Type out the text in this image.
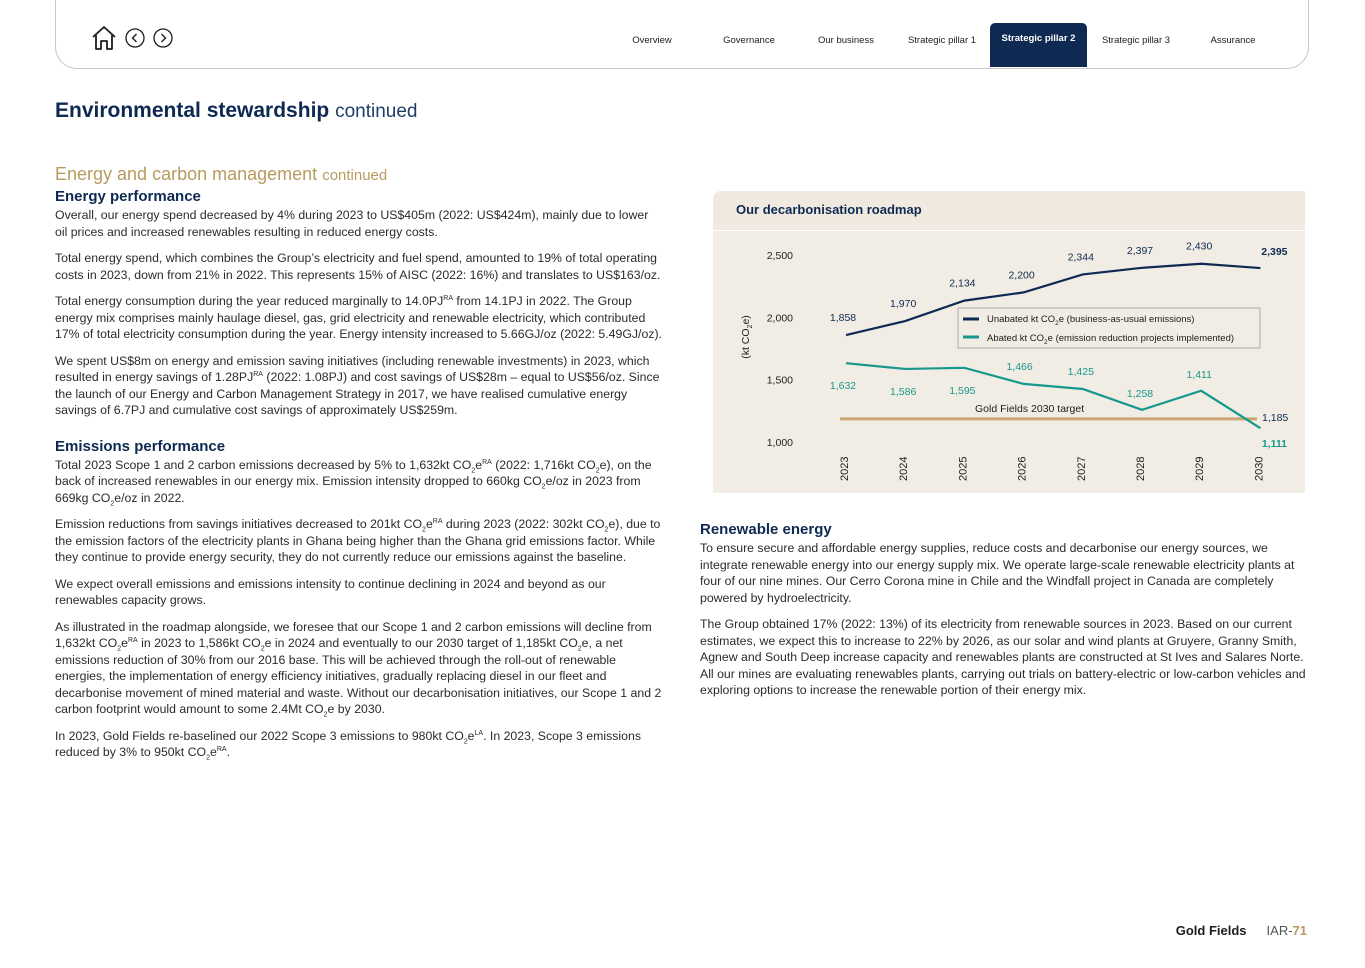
Overview	Governance	Our business	Strategic pillar 1	Strategic pillar 2	Strategic pillar 3	Assurance
Environmental stewardship continued
Energy and carbon management continued
Energy performance

Overall, our energy spend decreased by 4% during 2023 to US$405m (2022: US$424m), mainly due to lower oil prices and increased renewables resulting in reduced energy costs.

Total energy spend, which combines the Group’s electricity and fuel spend, amounted to 19% of total operating costs in 2023, down from 21% in 2022. This represents 15% of AISC (2022: 16%) and translates to US$163/oz.

Total energy consumption during the year reduced marginally to $14.0PJ^{RA}$ from 14.1PJ in 2022. The Group energy mix comprises mainly haulage diesel, gas, grid electricity and renewable electricity, which contributed 17% of total electricity consumption during the year. Energy intensity increased to 5.66GJ/oz (2022: 5.49GJ/oz).

We spent US$8m on energy and emission saving initiatives (including renewable investments) in 2023, which resulted in energy savings of $1.28PJ^{RA}$ (2022: 1.08PJ) and cost savings of US$28m – equal to US$56/oz. Since the launch of our Energy and Carbon Management Strategy in 2017, we have realised cumulative energy savings of 6.7PJ and cumulative cost savings of approximately US$259m.

Emissions performance

Total 2023 Scope 1 and 2 carbon emissions decreased by 5% to 1,632kt $CO_2e^{RA}$ (2022: 1,716kt $CO_2e$), on the back of increased renewables in our energy mix. Emission intensity dropped to 660kg $CO_2e/oz$ in 2023 from 669kg $CO_2e/oz$ in 2022.

Emission reductions from savings initiatives decreased to 201kt $CO_2e^{RA}$ during 2023 (2022: 302kt $CO_2e$), due to the emission factors of the electricity plants in Ghana being higher than the Ghana grid emissions factor. While they continue to provide energy security, they do not currently reduce our emissions against the baseline.

We expect overall emissions and emissions intensity to continue declining in 2024 and beyond as our renewables capacity grows.

As illustrated in the roadmap alongside, we foresee that our Scope 1 and 2 carbon emissions will decline from 1,632kt $CO_2e^{RA}$ in 2023 to 1,586kt $CO_2e$ in 2024 and eventually to our 2030 target of 1,185kt $CO_2e$, a net emissions reduction of 30% from our 2016 base. This will be achieved through the roll-out of renewable energies, the implementation of energy efficiency initiatives, gradually replacing diesel in our fleet and decarbonise movement of mined material and waste. Without our decarbonisation initiatives, our Scope 1 and 2 carbon footprint would amount to some 2.4Mt $CO_2e$ by 2030.

In 2023, Gold Fields re-baselined our 2022 Scope 3 emissions to 980kt $CO_2e^{LA}$. In 2023, Scope 3 emissions reduced by 3% to 950kt $CO_2e^{RA}$.

Our decarbonisation roadmap
(kt $CO_2e$)
2,500
2,000
1,500
1,000
2023	2024	2025	2026	2027	2028	2029	2030
Gold Fields 2030 target
1,185
1,858
1,970
2,134
2,200
2,344
2,397	2,430	2,395
1,632	1,586	1,595
1,466	1,425
1,258
1,411
1,111
Unabated kt $CO_2e$ (business-as-usual emissions)
Abated kt $CO_2e$ (emission reduction projects implemented)
Renewable energy

To ensure secure and affordable energy supplies, reduce costs and decarbonise our energy sources, we integrate renewable energy into our energy supply mix. We operate large-scale renewable electricity plants at four of our nine mines. Our Cerro Corona mine in Chile and the Windfall project in Canada are completely powered by hydroelectricity.

The Group obtained 17% (2022: 13%) of its electricity from renewable sources in 2023. Based on our current estimates, we expect this to increase to 22% by 2026, as our solar and wind plants at Gruyere, Granny Smith, Agnew and South Deep increase capacity and renewables plants are constructed at St Ives and Salares Norte. All our mines are evaluating renewables plants, carrying out trials on battery-electric or low-carbon vehicles and exploring options to increase the renewable portion of their energy mix.

Gold Fields IAR-71
